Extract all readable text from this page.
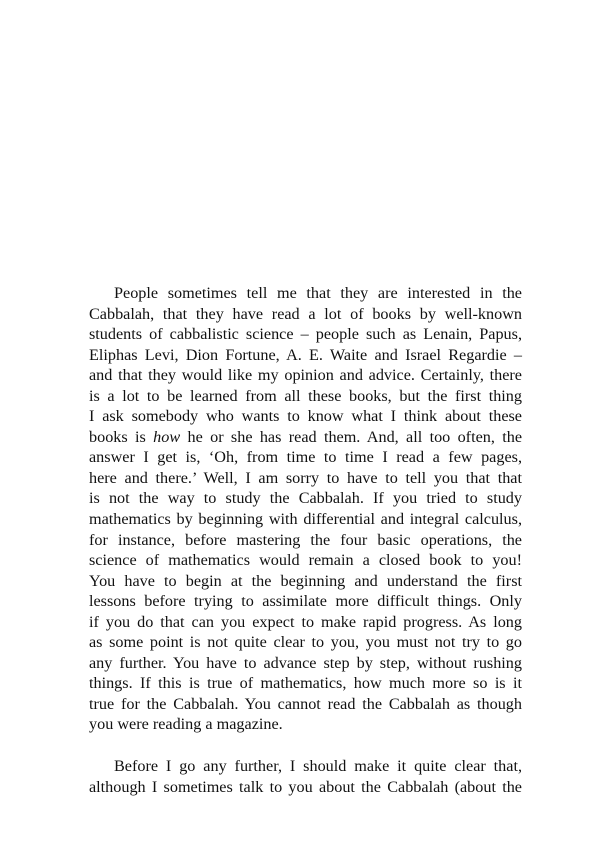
People sometimes tell me that they are interested in the
Cabbalah, that they have read a lot of books by well-known
students of cabbalistic science – people such as Lenain, Papus,
Eliphas Levi, Dion Fortune, A. E. Waite and Israel Regardie –
and that they would like my opinion and advice. Certainly, there
is a lot to be learned from all these books, but the first thing
I ask somebody who wants to know what I think about these
books is how he or she has read them. And, all too often, the
answer I get is, ‘Oh, from time to time I read a few pages,
here and there.’ Well, I am sorry to have to tell you that that
is not the way to study the Cabbalah. If you tried to study
mathematics by beginning with differential and integral calculus,
for instance, before mastering the four basic operations, the
science of mathematics would remain a closed book to you!
You have to begin at the beginning and understand the first
lessons before trying to assimilate more difficult things. Only
if you do that can you expect to make rapid progress. As long
as some point is not quite clear to you, you must not try to go
any further. You have to advance step by step, without rushing
things. If this is true of mathematics, how much more so is it
true for the Cabbalah. You cannot read the Cabbalah as though
you were reading a magazine.
Before I go any further, I should make it quite clear that,
although I sometimes talk to you about the Cabbalah (about the
